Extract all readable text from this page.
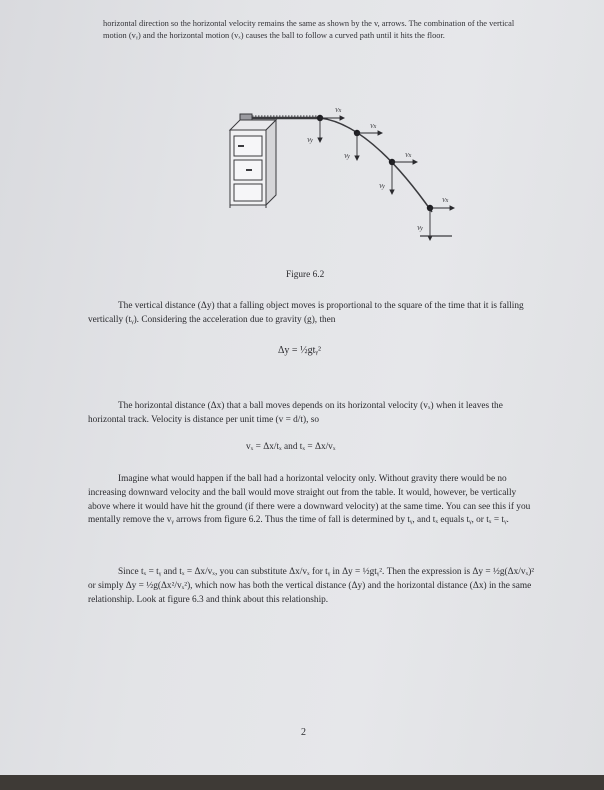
horizontal direction so the horizontal velocity remains the same as shown by the v, arrows. The combination of the vertical motion (vᵧ) and the horizontal motion (vₓ) causes the ball to follow a curved path until it hits the floor.

Vx
Vy
Vx
Vy	Vx
Vy
Vx
Vy
Figure 6.2

The vertical distance (Δy) that a falling object moves is proportional to the square of the time that it is falling vertically (tᵧ). Considering the acceleration due to gravity (g), then

Δy = ½gtᵧ²

The horizontal distance (Δx) that a ball moves depends on its horizontal velocity (vₓ) when it leaves the horizontal track. Velocity is distance per unit time (v = d/t), so

vₓ = Δx/tₓ and tₓ = Δx/vₓ

Imagine what would happen if the ball had a horizontal velocity only. Without gravity there would be no increasing downward velocity and the ball would move straight out from the table. It would, however, be vertically above where it would have hit the ground (if there were a downward velocity) at the same time. You can see this if you mentally remove the vᵧ arrows from figure 6.2. Thus the time of fall is determined by tᵧ, and tₓ equals tᵧ, or tₓ = tᵧ.

Since tₓ = tᵧ and tₓ = Δx/vₓ, you can substitute Δx/vₓ for tᵧ in Δy = ½gtᵧ². Then the expression is Δy = ½g(Δx/vₓ)² or simply Δy = ½g(Δx²/vₓ²), which now has both the vertical distance (Δy) and the horizontal distance (Δx) in the same relationship. Look at figure 6.3 and think about this relationship.

2
